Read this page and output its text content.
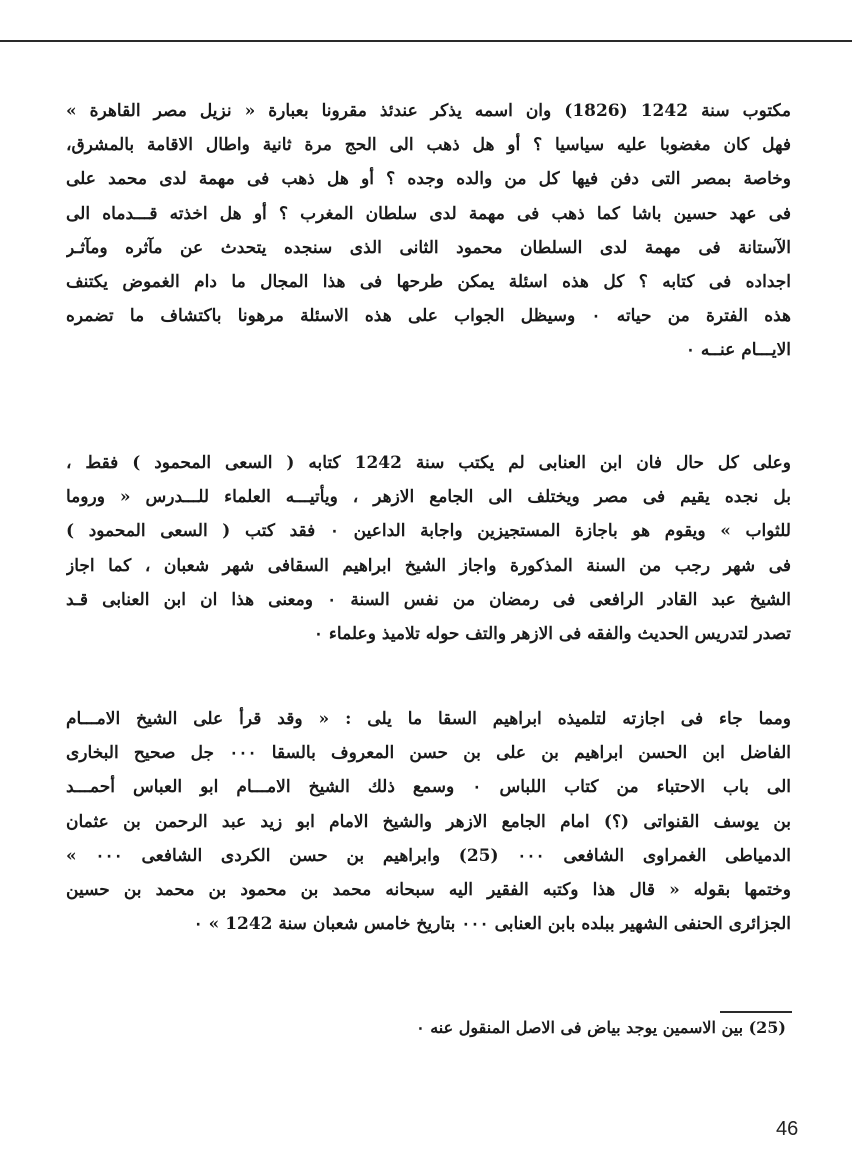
مكتوب سنة 1242 (1826) وان اسمه يذكر عندئذ مقرونا بعبارة « نزيل مصر القاهرة »
فهل كان مغضوبا عليه سياسيا ؟ أو هل ذهب الى الحج مرة ثانية واطال الاقامة بالمشرق،
وخاصة بمصر التى دفن فيها كل من والده وجده ؟ أو هل ذهب فى مهمة لدى محمد على
فى عهد حسين باشا كما ذهب فى مهمة لدى سلطان المغرب ؟ أو هل اخذته قـــدماه الى
الآستانة فى مهمة لدى السلطان محمود الثانى الذى سنجده يتحدث عن مآثره ومآثـر
اجداده فى كتابه ؟ كل هذه اسئلة يمكن طرحها فى هذا المجال ما دام الغموض يكتنف
هذه الفترة من حياته ٠ وسيظل الجواب على هذه الاسئلة مرهونا باكتشاف ما تضمره
الايـــام عنــه ٠
وعلى كل حال فان ابن العنابى لم يكتب سنة 1242 كتابه ( السعى المحمود ) فقط ،
بل نجده يقيم فى مصر ويختلف الى الجامع الازهر ، ويأتيـــه العلماء للـــدرس « وروما
للثواب » ويقوم هو باجازة المستجيزين واجابة الداعين ٠ فقد كتب ( السعى المحمود )
فى شهر رجب من السنة المذكورة واجاز الشيخ ابراهيم السقافى شهر شعبان ، كما اجاز
الشيخ عبد القادر الرافعى فى رمضان من نفس السنة ٠ ومعنى هذا ان ابن العنابى قـد
تصدر لتدريس الحديث والفقه فى الازهر والتف حوله تلاميذ وعلماء ٠
ومما جاء فى اجازته لتلميذه ابراهيم السقا ما يلى : « وقد قرأ على الشيخ الامـــام
الفاضل ابن الحسن ابراهيم بن على بن حسن المعروف بالسقا ٠٠٠ جل صحيح البخارى
الى باب الاحتباء من كتاب اللباس ٠ وسمع ذلك الشيخ الامـــام ابو العباس أحمـــد
بن يوسف القنواتى (؟) امام الجامع الازهر والشيخ الامام ابو زيد عبد الرحمن بن عثمان
الدمياطى الغمراوى الشافعى ٠٠٠ (25) وابراهيم بن حسن الكردى الشافعى ٠٠٠ »
وختمها بقوله « قال هذا وكتبه الفقير اليه سبحانه محمد بن محمود بن محمد بن حسين
الجزائرى الحنفى الشهير ببلده بابن العنابى ٠٠٠ بتاريخ خامس شعبان سنة 1242 » ٠
(25) بين الاسمين يوجد بياض فى الاصل المنقول عنه ٠
46
